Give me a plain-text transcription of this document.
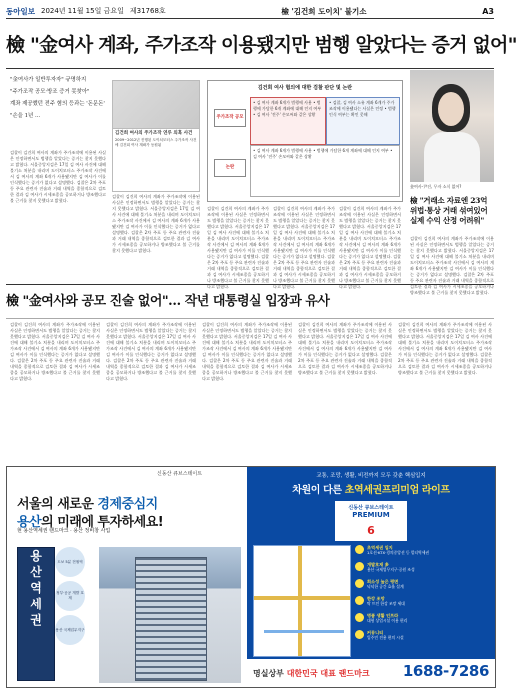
동아일보 2024년 11월 15일 금요일 제31768호	檢 '김건희 도이치' 불기소	A3
檢 "金여사 계좌, 주가조작 이용됐지만 범행 알았다는 증거 없어"
"金여사가 일반투자자" 규명하지
"주가조작 공모·방조 증거 못찾아"
계좌 제공했던 전주 혐의 등과는 '돈문돈'
"손을 1년 ...
검찰이 김건희 여사의 계좌가 주가조작에 이용된 사실은 인정하면서도 범행을 알았다는 증거는 찾지 못했다고 밝혔다. 서울중앙지검은 17일 김 여사 사건에 대해 불기소 처분을 내리며 도이치모터스 주가조작 사건에서 김 여사의 계좌 6개가 사용됐지만 김 여사가 이를 인식했다는 증거가 없다고 설명했다. 검찰은 2차 주포 등 주요 관련자 진술과 거래 내역을 종합적으로 검토한 결과 김 여사가 시세조종을 공모하거나 방조했다고 볼 근거를 찾지 못했다고 밝혔다.
김건희 여사의 주가조작 연루 의혹 사건
2009~2012년 진행된 도이치모터스 주가조작 사건에 김건희 여사 계좌가 동원됨
검찰이 김건희 여사의 계좌가 주가조작에 이용된 사실은 인정하면서도 범행을 알았다는 증거는 찾지 못했다고 밝혔다. 서울중앙지검은 17일 김 여사 사건에 대해 불기소 처분을 내리며 도이치모터스 주가조작 사건에서 김 여사의 계좌 6개가 사용됐지만 김 여사가 이를 인식했다는 증거가 없다고 설명했다. 검찰은 2차 주포 등 주요 관련자 진술과 거래 내역을 종합적으로 검토한 결과 김 여사가 시세조종을 공모하거나 방조했다고 볼 근거를 찾지 못했다고 밝혔다.
김건희 여사 혐의에 대한 검찰 판단 및 논란
주가조작 공모
논란
• 김 여사 계좌 6개가 범행에 사용 • 범행에 가담한 6개 계좌에 대해 인지 여부 • 김 여사 '전주' 손모씨와 같은 상황
• 검찰, 김 여사 소유 계좌 6개가 주가조작에 이용됐다는 사실은 인정 • 범행 인식 여부는 확인 못해
• 김 여사 계좌 6개가 범행에 사용 • 범행에 가담한 6개 계좌에 대해 인지 여부 • 김 여사 '전주' 손모씨와 같은 상황
검찰이 김건희 여사의 계좌가 주가조작에 이용된 사실은 인정하면서도 범행을 알았다는 증거는 찾지 못했다고 밝혔다. 서울중앙지검은 17일 김 여사 사건에 대해 불기소 처분을 내리며 도이치모터스 주가조작 사건에서 김 여사의 계좌 6개가 사용됐지만 김 여사가 이를 인식했다는 증거가 없다고 설명했다. 검찰은 2차 주포 등 주요 관련자 진술과 거래 내역을 종합적으로 검토한 결과 김 여사가 시세조종을 공모하거나 방조했다고 볼 근거를 찾지 못했다고 밝혔다.
검찰이 김건희 여사의 계좌가 주가조작에 이용된 사실은 인정하면서도 범행을 알았다는 증거는 찾지 못했다고 밝혔다. 서울중앙지검은 17일 김 여사 사건에 대해 불기소 처분을 내리며 도이치모터스 주가조작 사건에서 김 여사의 계좌 6개가 사용됐지만 김 여사가 이를 인식했다는 증거가 없다고 설명했다. 검찰은 2차 주포 등 주요 관련자 진술과 거래 내역을 종합적으로 검토한 결과 김 여사가 시세조종을 공모하거나 방조했다고 볼 근거를 찾지 못했다고 밝혔다.
검찰이 김건희 여사의 계좌가 주가조작에 이용된 사실은 인정하면서도 범행을 알았다는 증거는 찾지 못했다고 밝혔다. 서울중앙지검은 17일 김 여사 사건에 대해 불기소 처분을 내리며 도이치모터스 주가조작 사건에서 김 여사의 계좌 6개가 사용됐지만 김 여사가 이를 인식했다는 증거가 없다고 설명했다. 검찰은 2차 주포 등 주요 관련자 진술과 거래 내역을 종합적으로 검토한 결과 김 여사가 시세조종을 공모하거나 방조했다고 볼 근거를 찾지 못했다고 밝혔다.
金여사-尹진, 무자 소식 없어?
檢 "거래소 자료엔 23억 위법·통상 거래 섞여있어 실제 수익 산정 어려워"
검찰이 김건희 여사의 계좌가 주가조작에 이용된 사실은 인정하면서도 범행을 알았다는 증거는 찾지 못했다고 밝혔다. 서울중앙지검은 17일 김 여사 사건에 대해 불기소 처분을 내리며 도이치모터스 주가조작 사건에서 김 여사의 계좌 6개가 사용됐지만 김 여사가 이를 인식했다는 증거가 없다고 설명했다. 검찰은 2차 주포 등 주요 관련자 진술과 거래 내역을 종합적으로 검토한 결과 김 여사가 시세조종을 공모하거나 방조했다고 볼 근거를 찾지 못했다고 밝혔다.
檢 "金여사와 공모 진술 없어"… 작년 대통령실 입장과 유사
검찰이 김건희 여사의 계좌가 주가조작에 이용된 사실은 인정하면서도 범행을 알았다는 증거는 찾지 못했다고 밝혔다. 서울중앙지검은 17일 김 여사 사건에 대해 불기소 처분을 내리며 도이치모터스 주가조작 사건에서 김 여사의 계좌 6개가 사용됐지만 김 여사가 이를 인식했다는 증거가 없다고 설명했다. 검찰은 2차 주포 등 주요 관련자 진술과 거래 내역을 종합적으로 검토한 결과 김 여사가 시세조종을 공모하거나 방조했다고 볼 근거를 찾지 못했다고 밝혔다.
검찰이 김건희 여사의 계좌가 주가조작에 이용된 사실은 인정하면서도 범행을 알았다는 증거는 찾지 못했다고 밝혔다. 서울중앙지검은 17일 김 여사 사건에 대해 불기소 처분을 내리며 도이치모터스 주가조작 사건에서 김 여사의 계좌 6개가 사용됐지만 김 여사가 이를 인식했다는 증거가 없다고 설명했다. 검찰은 2차 주포 등 주요 관련자 진술과 거래 내역을 종합적으로 검토한 결과 김 여사가 시세조종을 공모하거나 방조했다고 볼 근거를 찾지 못했다고 밝혔다.
검찰이 김건희 여사의 계좌가 주가조작에 이용된 사실은 인정하면서도 범행을 알았다는 증거는 찾지 못했다고 밝혔다. 서울중앙지검은 17일 김 여사 사건에 대해 불기소 처분을 내리며 도이치모터스 주가조작 사건에서 김 여사의 계좌 6개가 사용됐지만 김 여사가 이를 인식했다는 증거가 없다고 설명했다. 검찰은 2차 주포 등 주요 관련자 진술과 거래 내역을 종합적으로 검토한 결과 김 여사가 시세조종을 공모하거나 방조했다고 볼 근거를 찾지 못했다고 밝혔다.
검찰이 김건희 여사의 계좌가 주가조작에 이용된 사실은 인정하면서도 범행을 알았다는 증거는 찾지 못했다고 밝혔다. 서울중앙지검은 17일 김 여사 사건에 대해 불기소 처분을 내리며 도이치모터스 주가조작 사건에서 김 여사의 계좌 6개가 사용됐지만 김 여사가 이를 인식했다는 증거가 없다고 설명했다. 검찰은 2차 주포 등 주요 관련자 진술과 거래 내역을 종합적으로 검토한 결과 김 여사가 시세조종을 공모하거나 방조했다고 볼 근거를 찾지 못했다고 밝혔다.
검찰이 김건희 여사의 계좌가 주가조작에 이용된 사실은 인정하면서도 범행을 알았다는 증거는 찾지 못했다고 밝혔다. 서울중앙지검은 17일 김 여사 사건에 대해 불기소 처분을 내리며 도이치모터스 주가조작 사건에서 김 여사의 계좌 6개가 사용됐지만 김 여사가 이를 인식했다는 증거가 없다고 설명했다. 검찰은 2차 주포 등 주요 관련자 진술과 거래 내역을 종합적으로 검토한 결과 김 여사가 시세조종을 공모하거나 방조했다고 볼 근거를 찾지 못했다고 밝혔다.
신동산 큐브스테이트
서울의 새로운 경제중심지
용산의 미래에 투자하세요!
현 용산역세권 랜드마크 · 용산 정비창 사업
용
산
역
세
권
도보 5분 전철역
정부·공공 개발 호재
용산 국제업무지구
교통, 조망, 생활, 비전까지 모두 갖춘 핵심입지
차원이 다른 초역세권프리미엄 라이프
신동산 큐브스테이트
PREMIUM
6
초역세권 입지
1호선·KTX·경의중앙선 등 멀티역세권
개발호재 多
용산 국제업무지구·공원 조성
희소성 높은 평면
넉넉한 공간 효율 설계
한강 조망
탁 트인 한강 조망 세대
명품 생활 인프라
대형 상업시설 이용 편리
커뮤니티
입주민 전용 편의 시설
명실상부 대한민국 대표 랜드마크 1688-7286
